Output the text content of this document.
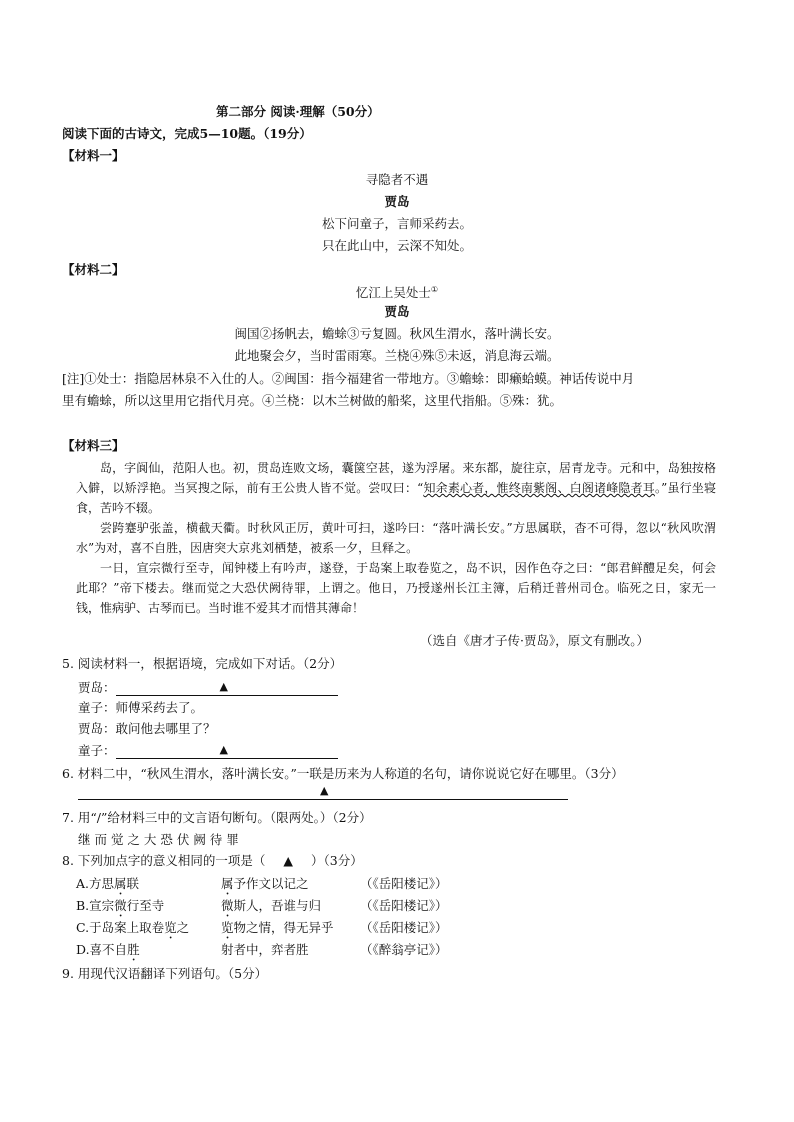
第二部分 阅读·理解（50分）
阅读下面的古诗文，完成5—10题。（19分）
【材料一】
寻隐者不遇
贾岛
松下问童子，言师采药去。
只在此山中，云深不知处。
【材料二】
忆江上吴处士①
贾岛
闽国②扬帆去，蟾蜍③亏复圆。秋风生渭水，落叶满长安。
此地聚会夕，当时雷雨寒。兰桡④殊⑤未返，消息海云端。
[注]①处士：指隐居林泉不入仕的人。②闽国：指今福建省一带地方。③蟾蜍：即癞蛤蟆。神话传说中月
里有蟾蜍，所以这里用它指代月亮。④兰桡：以木兰树做的船桨，这里代指船。⑤殊：犹。
【材料三】

岛，字阆仙，范阳人也。初，贯岛连败文场，囊箧空甚，遂为浮屠。来东都，旋往京，居青龙寺。元和中，岛独按格入僻，以矫浮艳。当冥搜之际，前有王公贵人皆不觉。尝叹曰：“知余素心者，惟终南紫阁、白阁诸峰隐者耳。”虽行坐寝食，苦吟不辍。

尝跨蹇驴张盖，横截天衢。时秋风正厉，黄叶可扫，遂吟曰：“落叶满长安。”方思属联，杳不可得，忽以“秋风吹渭水”为对，喜不自胜，因唐突大京兆刘栖楚，被系一夕，旦释之。

一日，宣宗微行至寺，闻钟楼上有吟声，遂登，于岛案上取卷览之，岛不识，因作色夺之曰：“郎君鲜醴足矣，何会此耶？”帝下楼去。继而觉之大恐伏阙待罪，上谓之。他日，乃授遂州长江主簿，后稍迁普州司仓。临死之日，家无一钱，惟病驴、古琴而已。当时谁不爱其才而惜其薄命！

（选自《唐才子传·贾岛》，原文有删改。）
5. 阅读材料一，根据语境，完成如下对话。（2分）
贾岛：	▲
童子：师傅采药去了。
贾岛：敢问他去哪里了？
童子：	▲
6. 材料二中，“秋风生渭水，落叶满长安。”一联是历来为人称道的名句，请你说说它好在哪里。（3分）
▲
7. 用“/”给材料三中的文言语句断句。（限两处。）（2分）
继 而 觉 之 大 恐 伏 阙 待 罪
8. 下列加点字的意义相同的一项是（ ▲ ）（3分）
A.方思属联	属予作文以记之	（《岳阳楼记》）
B.宣宗微行至寺	微斯人，吾谁与归	（《岳阳楼记》）
C.于岛案上取卷览之	览物之情，得无异乎 （《岳阳楼记》）
D.喜不自胜	射者中，弈者胜	（《醉翁亭记》）
9. 用现代汉语翻译下列语句。（5分）
